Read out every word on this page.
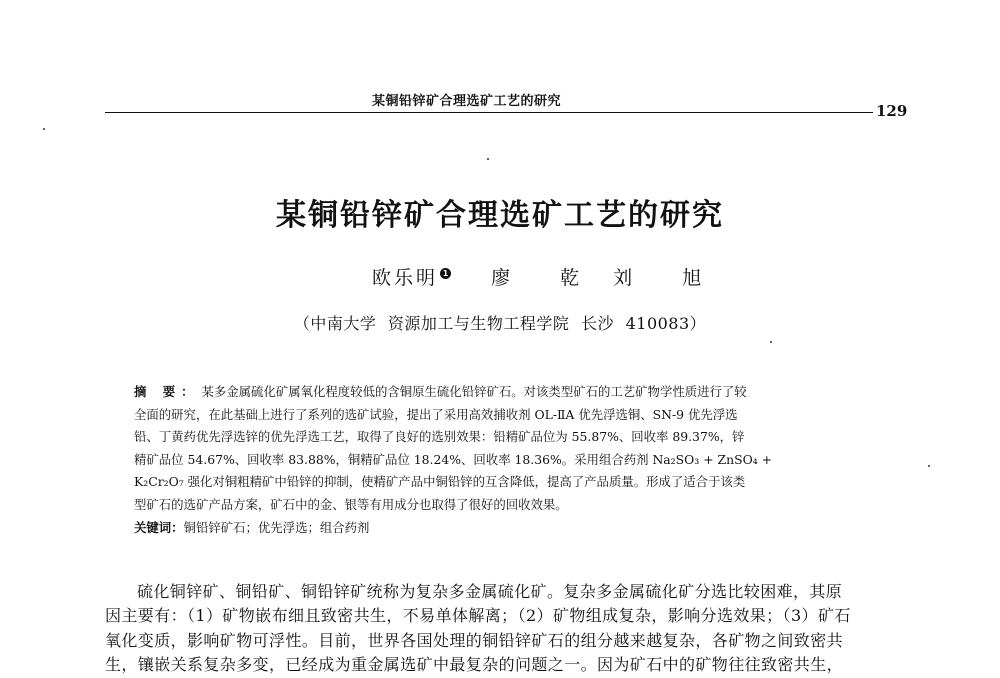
某铜铅锌矿合理选矿工艺的研究
129
某铜铅锌矿合理选矿工艺的研究
欧乐明 1 廖 乾 刘 旭
（中南大学 资源加工与生物工程学院 长沙 410083）
摘 要： 某多金属硫化矿属氧化程度较低的含铜原生硫化铅锌矿石。对该类型矿石的工艺矿物学性质进行了较
全面的研究，在此基础上进行了系列的选矿试验，提出了采用高效捕收剂 OL-ⅡA 优先浮选铜、SN-9 优先浮选
铅、丁黄药优先浮选锌的优先浮选工艺，取得了良好的选别效果：铅精矿品位为 55.87%、回收率 89.37%，锌
精矿品位 54.67%、回收率 83.88%，铜精矿品位 18.24%、回收率 18.36%。采用组合药剂 Na₂SO₃ + ZnSO₄ +
K₂Cr₂O₇ 强化对铜粗精矿中铅锌的抑制，使精矿产品中铜铅锌的互含降低，提高了产品质量。形成了适合于该类
型矿石的选矿产品方案，矿石中的金、银等有用成分也取得了很好的回收效果。
关键词：铜铅锌矿石；优先浮选；组合药剂
硫化铜锌矿、铜铅矿、铜铅锌矿统称为复杂多金属硫化矿。复杂多金属硫化矿分选比较困难，其原
因主要有：（1）矿物嵌布细且致密共生，不易单体解离；（2）矿物组成复杂，影响分选效果；（3）矿石
氧化变质，影响矿物可浮性。目前，世界各国处理的铜铅锌矿石的组分越来越复杂，各矿物之间致密共
生，镶嵌关系复杂多变，已经成为重金属选矿中最复杂的问题之一。因为矿石中的矿物往往致密共生，
